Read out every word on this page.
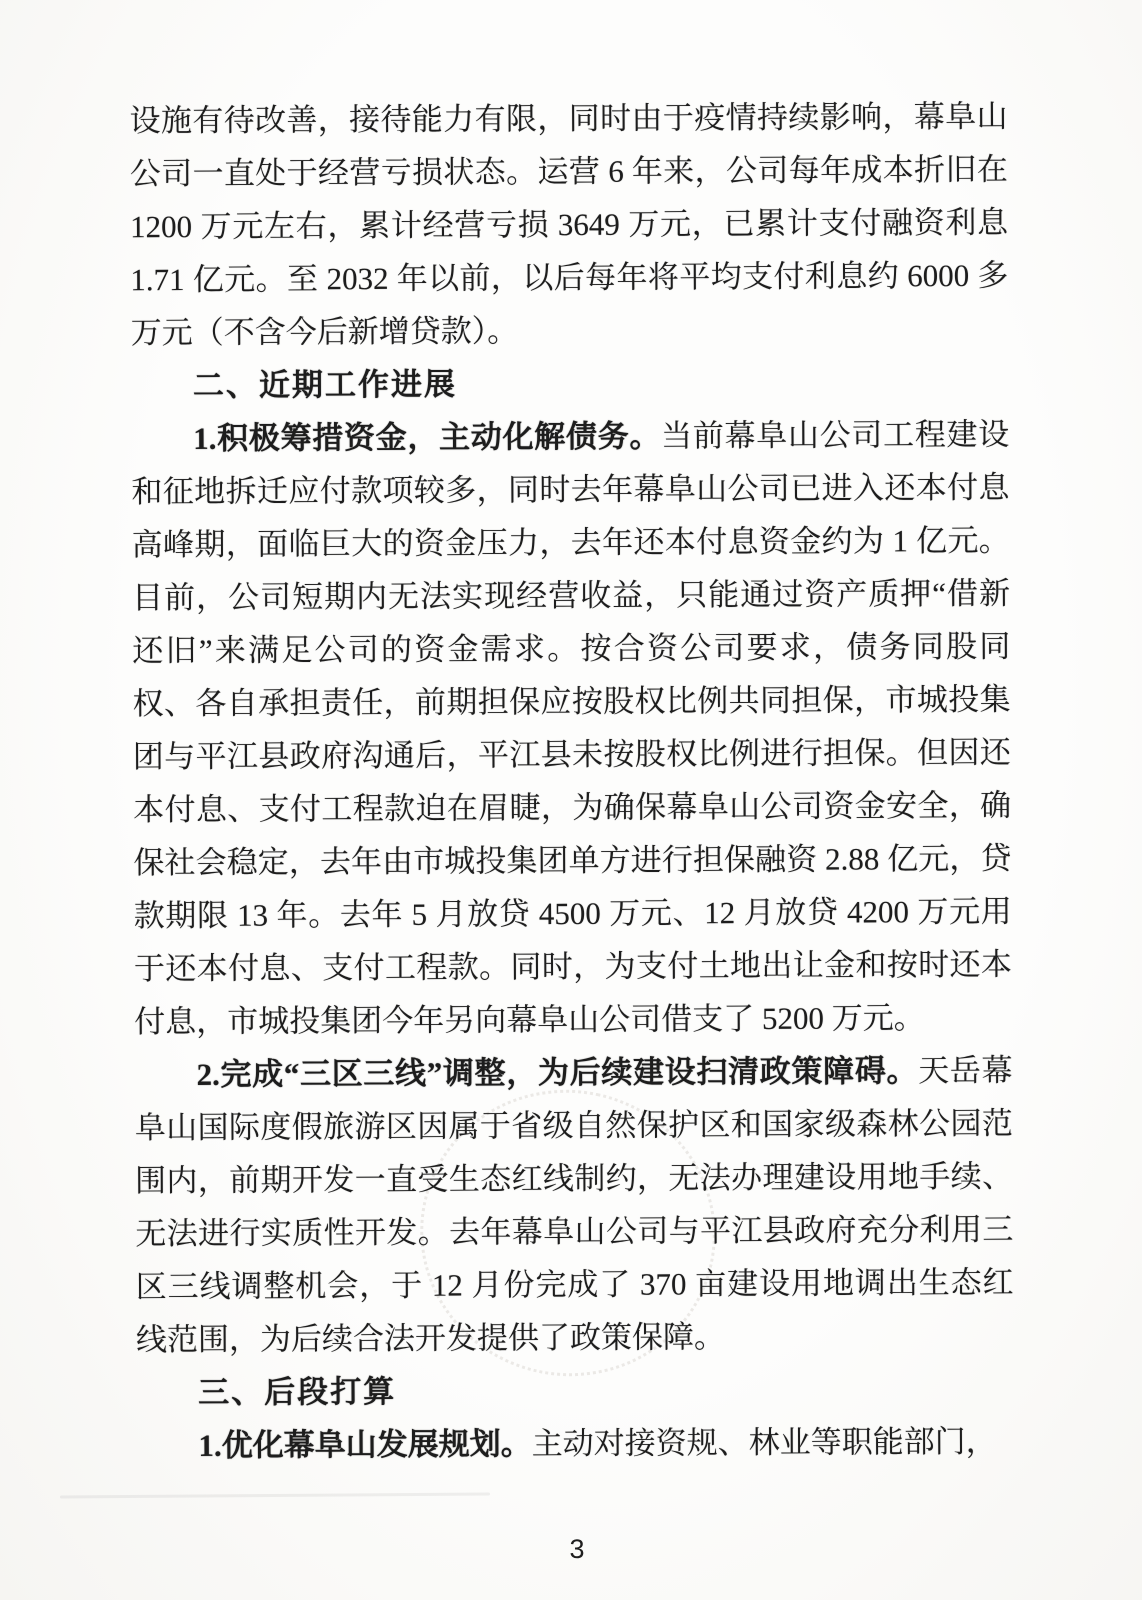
设施有待改善，接待能力有限，同时由于疫情持续影响，幕阜山公司一直处于经营亏损状态。运营 6 年来，公司每年成本折旧在 1200 万元左右，累计经营亏损 3649 万元，已累计支付融资利息 1.71 亿元。至 2032 年以前，以后每年将平均支付利息约 6000 多万元（不含今后新增贷款）。

二、近期工作进展

1.积极筹措资金，主动化解债务。当前幕阜山公司工程建设和征地拆迁应付款项较多，同时去年幕阜山公司已进入还本付息高峰期，面临巨大的资金压力，去年还本付息资金约为 1 亿元。目前，公司短期内无法实现经营收益，只能通过资产质押“借新还旧”来满足公司的资金需求。按合资公司要求，债务同股同权、各自承担责任，前期担保应按股权比例共同担保，市城投集团与平江县政府沟通后，平江县未按股权比例进行担保。但因还本付息、支付工程款迫在眉睫，为确保幕阜山公司资金安全，确保社会稳定，去年由市城投集团单方进行担保融资 2.88 亿元，贷款期限 13 年。去年 5 月放贷 4500 万元、12 月放贷 4200 万元用于还本付息、支付工程款。同时，为支付土地出让金和按时还本付息，市城投集团今年另向幕阜山公司借支了 5200 万元。

2.完成“三区三线”调整，为后续建设扫清政策障碍。天岳幕阜山国际度假旅游区因属于省级自然保护区和国家级森林公园范围内，前期开发一直受生态红线制约，无法办理建设用地手续、无法进行实质性开发。去年幕阜山公司与平江县政府充分利用三区三线调整机会，于 12 月份完成了 370 亩建设用地调出生态红线范围，为后续合法开发提供了政策保障。

三、后段打算

1.优化幕阜山发展规划。主动对接资规、林业等职能部门，

3
